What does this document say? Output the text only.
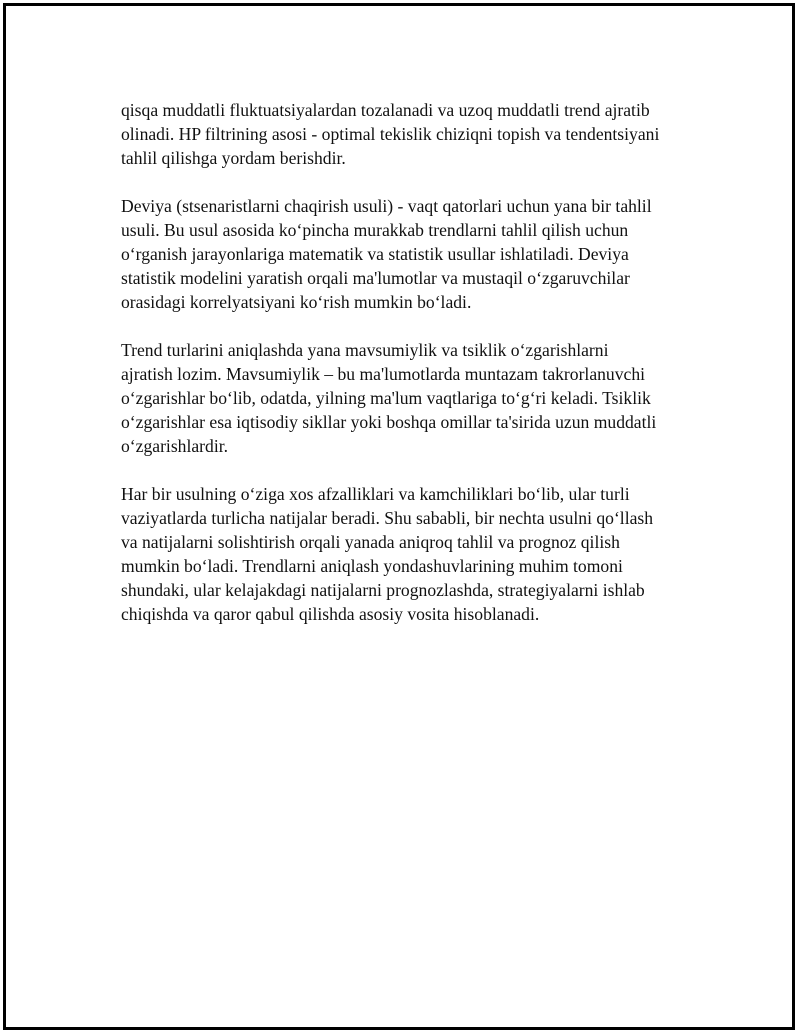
qisqa muddatli fluktuatsiyalardan tozalanadi va uzoq muddatli trend ajratib
olinadi. HP filtrining asosi - optimal tekislik chiziqni topish va tendentsiyani
tahlil qilishga yordam berishdir.

Deviya (stsenaristlarni chaqirish usuli) - vaqt qatorlari uchun yana bir tahlil
usuli. Bu usul asosida ko‘pincha murakkab trendlarni tahlil qilish uchun
o‘rganish jarayonlariga matematik va statistik usullar ishlatiladi. Deviya
statistik modelini yaratish orqali ma'lumotlar va mustaqil o‘zgaruvchilar
orasidagi korrelyatsiyani ko‘rish mumkin bo‘ladi.

Trend turlarini aniqlashda yana mavsumiylik va tsiklik o‘zgarishlarni
ajratish lozim. Mavsumiylik – bu ma'lumotlarda muntazam takrorlanuvchi
o‘zgarishlar bo‘lib, odatda, yilning ma'lum vaqtlariga to‘g‘ri keladi. Tsiklik
o‘zgarishlar esa iqtisodiy sikllar yoki boshqa omillar ta'sirida uzun muddatli
o‘zgarishlardir.

Har bir usulning o‘ziga xos afzalliklari va kamchiliklari bo‘lib, ular turli
vaziyatlarda turlicha natijalar beradi. Shu sababli, bir nechta usulni qo‘llash
va natijalarni solishtirish orqali yanada aniqroq tahlil va prognoz qilish
mumkin bo‘ladi. Trendlarni aniqlash yondashuvlarining muhim tomoni
shundaki, ular kelajakdagi natijalarni prognozlashda, strategiyalarni ishlab
chiqishda va qaror qabul qilishda asosiy vosita hisoblanadi.
